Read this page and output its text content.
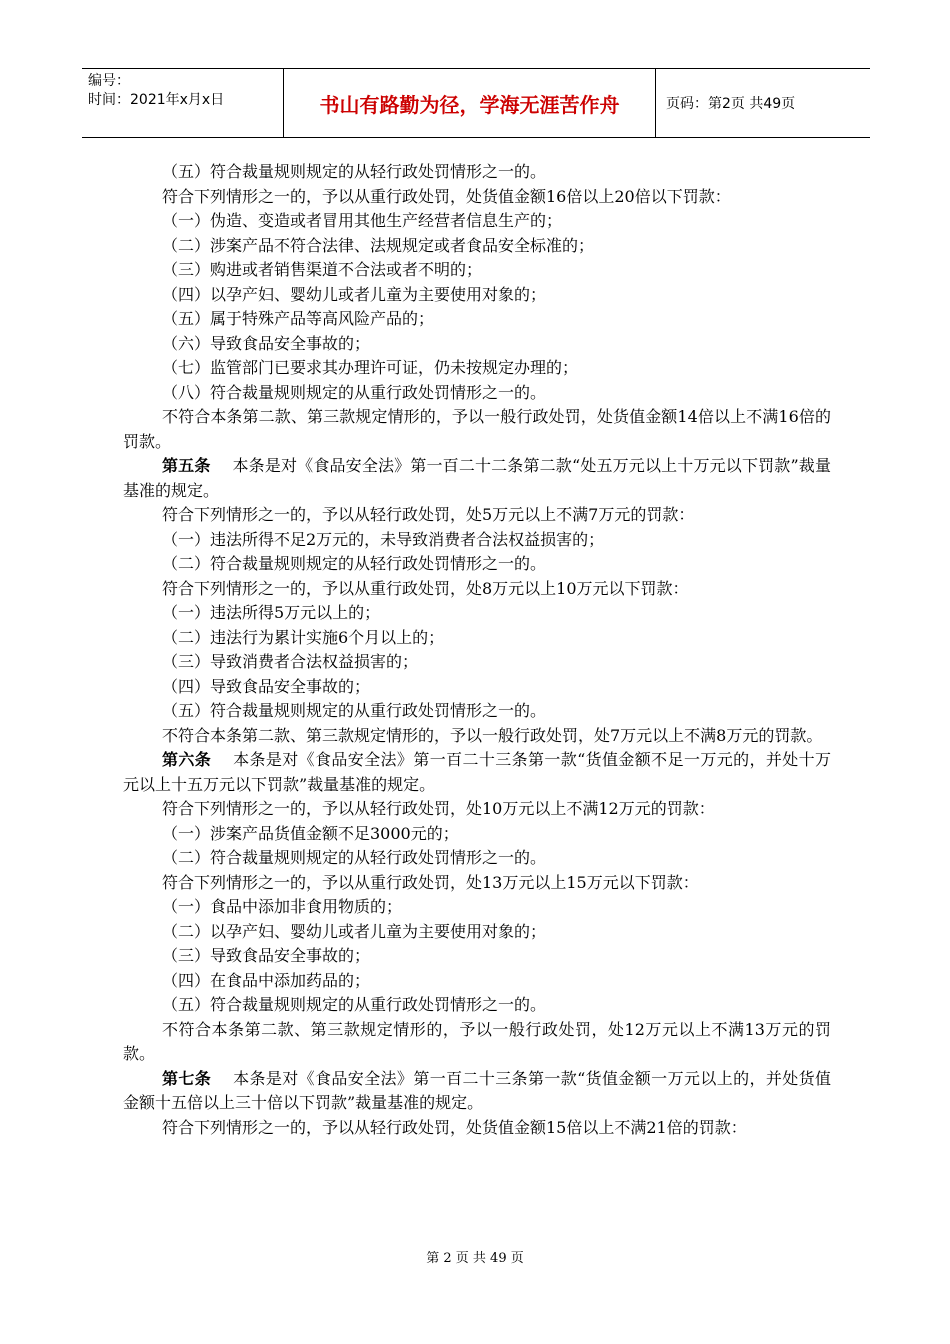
编号：
时间：2021年x月x日	书山有路勤为径，学海无涯苦作舟	页码：第2页 共49页

（五）符合裁量规则规定的从轻行政处罚情形之一的。

符合下列情形之一的，予以从重行政处罚，处货值金额16倍以上20倍以下罚款：

（一）伪造、变造或者冒用其他生产经营者信息生产的；

（二）涉案产品不符合法律、法规规定或者食品安全标准的；

（三）购进或者销售渠道不合法或者不明的；

（四）以孕产妇、婴幼儿或者儿童为主要使用对象的；

（五）属于特殊产品等高风险产品的；

（六）导致食品安全事故的；

（七）监管部门已要求其办理许可证，仍未按规定办理的；

（八）符合裁量规则规定的从重行政处罚情形之一的。

不符合本条第二款、第三款规定情形的，予以一般行政处罚，处货值金额14倍以上不满16倍的罚款。

第五条 本条是对《食品安全法》第一百二十二条第二款“处五万元以上十万元以下罚款”裁量基准的规定。

符合下列情形之一的，予以从轻行政处罚，处5万元以上不满7万元的罚款：

（一）违法所得不足2万元的，未导致消费者合法权益损害的；

（二）符合裁量规则规定的从轻行政处罚情形之一的。

符合下列情形之一的，予以从重行政处罚，处8万元以上10万元以下罚款：

（一）违法所得5万元以上的；

（二）违法行为累计实施6个月以上的；

（三）导致消费者合法权益损害的；

（四）导致食品安全事故的；

（五）符合裁量规则规定的从重行政处罚情形之一的。

不符合本条第二款、第三款规定情形的，予以一般行政处罚，处7万元以上不满8万元的罚款。

第六条 本条是对《食品安全法》第一百二十三条第一款“货值金额不足一万元的，并处十万元以上十五万元以下罚款”裁量基准的规定。

符合下列情形之一的，予以从轻行政处罚，处10万元以上不满12万元的罚款：

（一）涉案产品货值金额不足3000元的；

（二）符合裁量规则规定的从轻行政处罚情形之一的。

符合下列情形之一的，予以从重行政处罚，处13万元以上15万元以下罚款：

（一）食品中添加非食用物质的；

（二）以孕产妇、婴幼儿或者儿童为主要使用对象的；

（三）导致食品安全事故的；

（四）在食品中添加药品的；

（五）符合裁量规则规定的从重行政处罚情形之一的。

不符合本条第二款、第三款规定情形的，予以一般行政处罚，处12万元以上不满13万元的罚款。

第七条 本条是对《食品安全法》第一百二十三条第一款“货值金额一万元以上的，并处货值金额十五倍以上三十倍以下罚款”裁量基准的规定。

符合下列情形之一的，予以从轻行政处罚，处货值金额15倍以上不满21倍的罚款：

第 2 页 共 49 页
